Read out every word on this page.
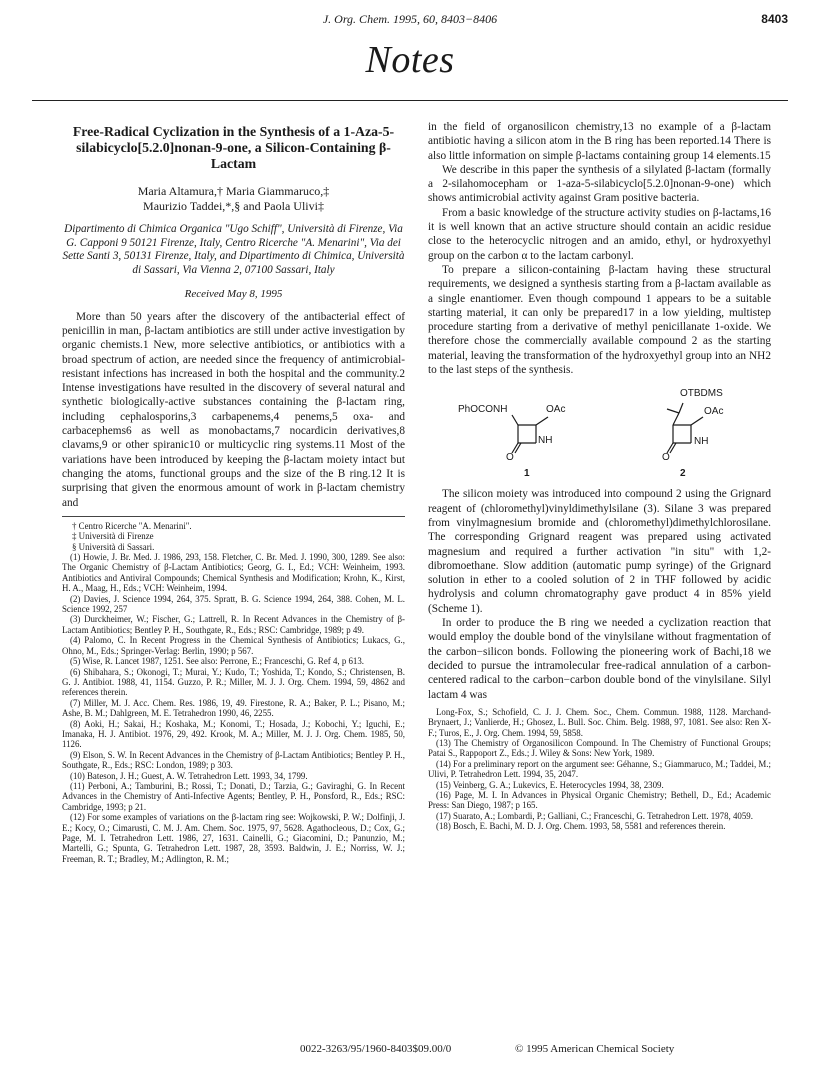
J. Org. Chem. 1995, 60, 8403−8406	8403
Notes
Free-Radical Cyclization in the Synthesis of a 1-Aza-5-silabicyclo[5.2.0]nonan-9-one, a Silicon-Containing β-Lactam
Maria Altamura,† Maria Giammaruco,‡
Maurizio Taddei,*,§ and Paola Ulivi‡
Dipartimento di Chimica Organica "Ugo Schiff", Università di Firenze, Via G. Capponi 9 50121 Firenze, Italy, Centro Ricerche "A. Menarini", Via dei Sette Santi 3, 50131 Firenze, Italy, and Dipartimento di Chimica, Università di Sassari, Via Vienna 2, 07100 Sassari, Italy
Received May 8, 1995

More than 50 years after the discovery of the antibacterial effect of penicillin in man, β-lactam antibiotics are still under active investigation by organic chemists.1 New, more selective antibiotics, or antibiotics with a broad spectrum of action, are needed since the frequency of antimicrobial-resistant infections has increased in both the hospital and the community.2 Intense investigations have resulted in the discovery of several natural and synthetic biologically-active substances containing the β-lactam ring, including cephalosporins,3 carbapenems,4 penems,5 oxa- and carbacephems6 as well as monobactams,7 nocardicin derivatives,8 clavams,9 or other spiranic10 or multicyclic ring systems.11 Most of the variations have been introduced by keeping the β-lactam moiety intact but changing the atoms, functional groups and the size of the B ring.12 It is surprising that given the enormous amount of work in β-lactam chemistry and

† Centro Ricerche "A. Menarini".
‡ Università di Firenze
§ Università di Sassari.
(1) Howie, J. Br. Med. J. 1986, 293, 158. Fletcher, C. Br. Med. J. 1990, 300, 1289. See also: The Organic Chemistry of β-Lactam Antibiotics; Georg, G. I., Ed.; VCH: Weinheim, 1993. Antibiotics and Antiviral Compounds; Chemical Synthesis and Modification; Krohn, K., Kirst, H. A., Maag, H., Eds.; VCH: Weinheim, 1994.
(2) Davies, J. Science 1994, 264, 375. Spratt, B. G. Science 1994, 264, 388. Cohen, M. L. Science 1992, 257
(3) Durckheimer, W.; Fischer, G.; Lattrell, R. In Recent Advances in the Chemistry of β-Lactam Antibiotics; Bentley P. H., Southgate, R., Eds.; RSC: Cambridge, 1989; p 49.
(4) Palomo, C. In Recent Progress in the Chemical Synthesis of Antibiotics; Lukacs, G., Ohno, M., Eds.; Springer-Verlag: Berlin, 1990; p 567.
(5) Wise, R. Lancet 1987, 1251. See also: Perrone, E.; Franceschi, G. Ref 4, p 613.
(6) Shibahara, S.; Okonogi, T.; Murai, Y.; Kudo, T.; Yoshida, T.; Kondo, S.; Christensen, B. G. J. Antibiot. 1988, 41, 1154. Guzzo, P. R.; Miller, M. J. J. Org. Chem. 1994, 59, 4862 and references therein.
(7) Miller, M. J. Acc. Chem. Res. 1986, 19, 49. Firestone, R. A.; Baker, P. L.; Pisano, M.; Ashe, B. M.; Dahlgreen, M. E. Tetrahedron 1990, 46, 2255.
(8) Aoki, H.; Sakai, H.; Koshaka, M.; Konomi, T.; Hosada, J.; Kobochi, Y.; Iguchi, E.; Imanaka, H. J. Antibiot. 1976, 29, 492. Krook, M. A.; Miller, M. J. J. Org. Chem. 1985, 50, 1126.
(9) Elson, S. W. In Recent Advances in the Chemistry of β-Lactam Antibiotics; Bentley P. H., Southgate, R., Eds.; RSC: London, 1989; p 303.
(10) Bateson, J. H.; Guest, A. W. Tetrahedron Lett. 1993, 34, 1799.
(11) Perboni, A.; Tamburini, B.; Rossi, T.; Donati, D.; Tarzia, G.; Gaviraghi, G. In Recent Advances in the Chemistry of Anti-Infective Agents; Bentley, P. H., Ponsford, R., Eds.; RSC: Cambridge, 1993; p 21.
(12) For some examples of variations on the β-lactam ring see: Wojkowski, P. W.; Dolfinji, J. E.; Kocy, O.; Cimarusti, C. M. J. Am. Chem. Soc. 1975, 97, 5628. Agathocleous, D.; Cox, G.; Page, M. I. Tetrahedron Lett. 1986, 27, 1631. Cainelli, G.; Giacomini, D.; Panunzio, M.; Martelli, G.; Spunta, G. Tetrahedron Lett. 1987, 28, 3593. Baldwin, J. E.; Norriss, W. J.; Freeman, R. T.; Bradley, M.; Adlington, R. M.;

in the field of organosilicon chemistry,13 no example of a β-lactam antibiotic having a silicon atom in the B ring has been reported.14 There is also little information on simple β-lactams containing group 14 elements.15

We describe in this paper the synthesis of a silylated β-lactam (formally a 2-silahomocepham or 1-aza-5-silabicyclo[5.2.0]nonan-9-one) which shows antimicrobial activity against Gram positive bacteria.

From a basic knowledge of the structure activity studies on β-lactams,16 it is well known that an active structure should contain an acidic residue close to the heterocyclic nitrogen and an amido, ethyl, or hydroxyethyl group on the carbon α to the lactam carbonyl.

To prepare a silicon-containing β-lactam having these structural requirements, we designed a synthesis starting from a β-lactam available as a single enantiomer. Even though compound 1 appears to be a suitable starting material, it can only be prepared17 in a low yielding, multistep procedure starting from a derivative of methyl penicillanate 1-oxide. We therefore chose the commercially available compound 2 as the starting material, leaving the transformation of the hydroxyethyl group into an NH2 to the last steps of the synthesis.

PhOCONH	OAc
NH
O
1
OTBDMS
OAc
NH
O
2

The silicon moiety was introduced into compound 2 using the Grignard reagent of (chloromethyl)vinyldimethylsilane (3). Silane 3 was prepared from vinylmagnesium bromide and (chloromethyl)dimethylchlorosilane. The corresponding Grignard reagent was prepared using activated magnesium and required a further activation "in situ" with 1,2-dibromoethane. Slow addition (automatic pump syringe) of the Grignard solution in ether to a cooled solution of 2 in THF followed by acidic hydrolysis and column chromatography gave product 4 in 85% yield (Scheme 1).

In order to produce the B ring we needed a cyclization reaction that would employ the double bond of the vinylsilane without fragmentation of the carbon−silicon bonds. Following the pioneering work of Bachi,18 we decided to pursue the intramolecular free-radical annulation of a carbon-centered radical to the carbon−carbon double bond of the vinylsilane. Silyl lactam 4 was

Long-Fox, S.; Schofield, C. J. J. Chem. Soc., Chem. Commun. 1988, 1128. Marchand-Brynaert, J.; Vanlierde, H.; Ghosez, L. Bull. Soc. Chim. Belg. 1988, 97, 1081. See also: Ren X-F.; Turos, E., J. Org. Chem. 1994, 59, 5858.
(13) The Chemistry of Organosilicon Compound. In The Chemistry of Functional Groups; Patai S., Rappoport Z., Eds.; J. Wiley & Sons: New York, 1989.
(14) For a preliminary report on the argument see: Géhanne, S.; Giammaruco, M.; Taddei, M.; Ulivi, P. Tetrahedron Lett. 1994, 35, 2047.
(15) Veinberg, G. A.; Lukevics, E. Heterocycles 1994, 38, 2309.
(16) Page, M. I. In Advances in Physical Organic Chemistry; Bethell, D., Ed.; Academic Press: San Diego, 1987; p 165.
(17) Suarato, A.; Lombardi, P.; Galliani, C.; Franceschi, G. Tetrahedron Lett. 1978, 4059.
(18) Bosch, E. Bachi, M. D. J. Org. Chem. 1993, 58, 5581 and references therein.
0022-3263/95/1960-8403$09.00/0	© 1995 American Chemical Society
